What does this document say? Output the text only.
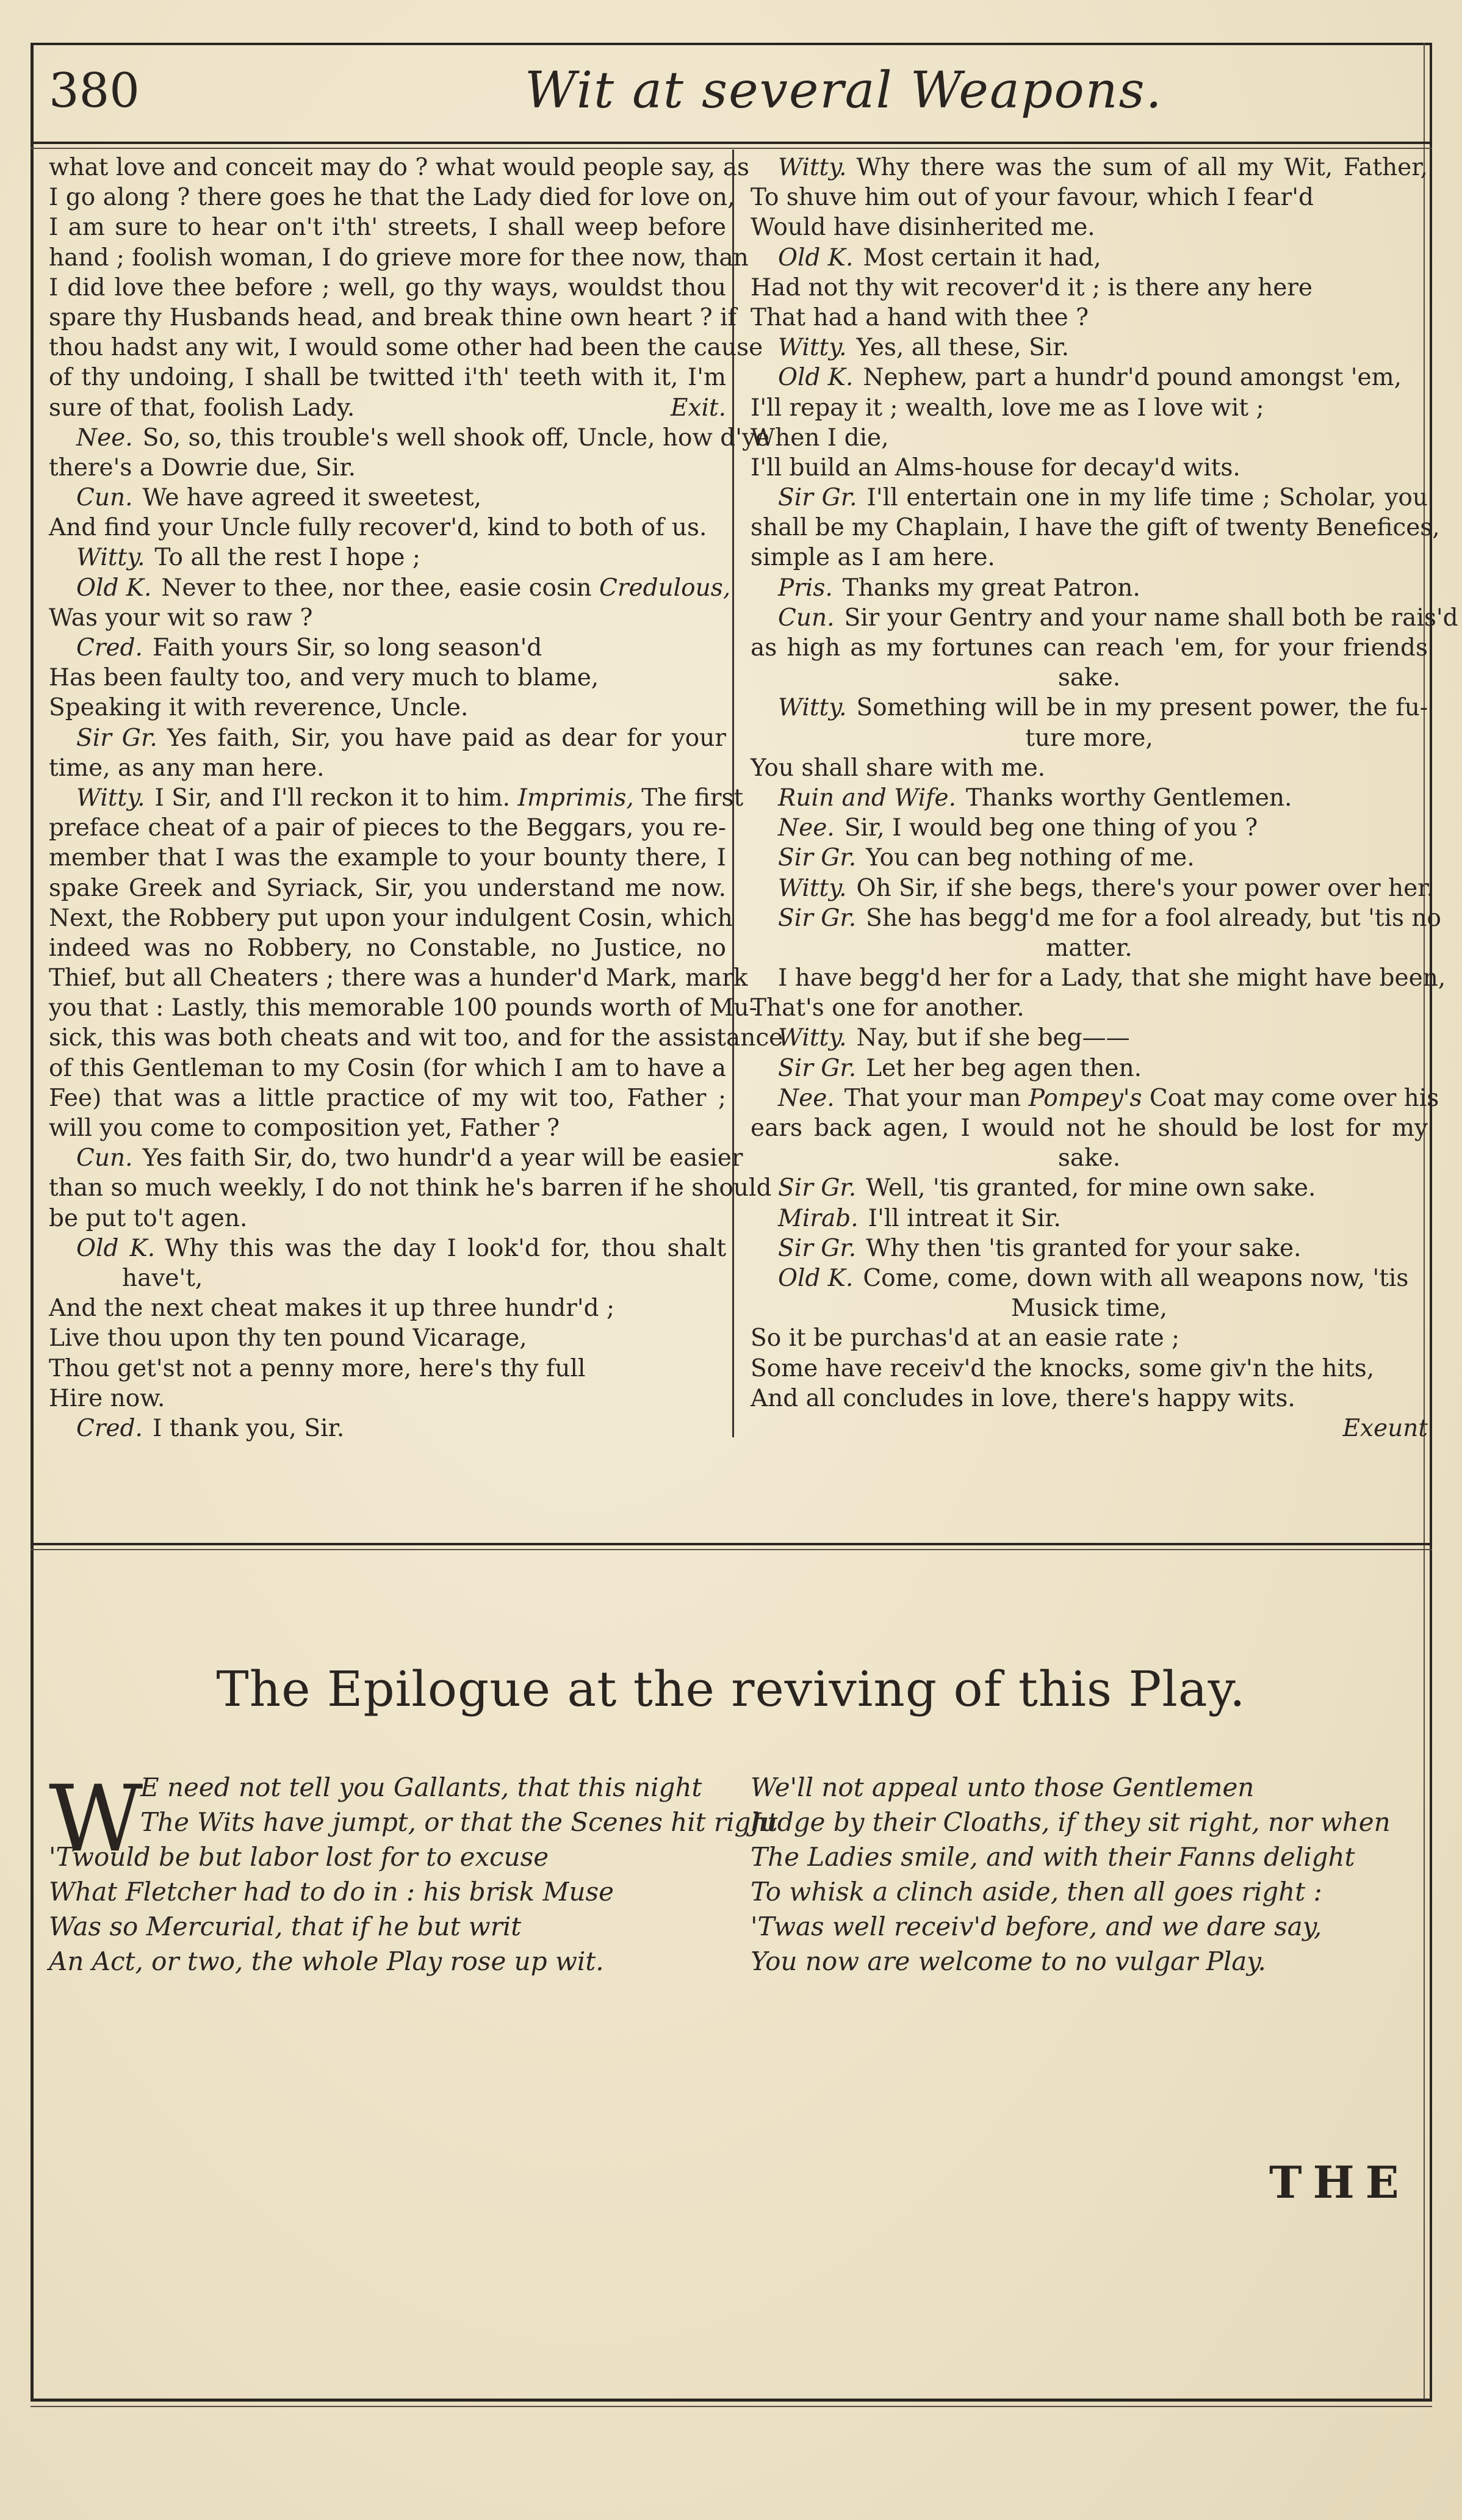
380	Wit at several Weapons.
what love and conceit may do ? what would people say, as
I go along ? there goes he that the Lady died for love on,
I am sure to hear on't i'th' streets, I shall weep before
hand ; foolish woman, I do grieve more for thee now, than
I did love thee before ; well, go thy ways, wouldst thou
spare thy Husbands head, and break thine own heart ? if
thou hadst any wit, I would some other had been the cause
of thy undoing, I shall be twitted i'th' teeth with it, I'm
sure of that, foolish Lady.	Exit.
Nee. So, so, this trouble's well shook off, Uncle, how d'ye
there's a Dowrie due, Sir.
Cun. We have agreed it sweetest,
And find your Uncle fully recover'd, kind to both of us.
Witty. To all the rest I hope ;
Old K. Never to thee, nor thee, easie cosin Credulous,
Was your wit so raw ?
Cred. Faith yours Sir, so long season'd
Has been faulty too, and very much to blame,
Speaking it with reverence, Uncle.
Sir Gr. Yes faith, Sir, you have paid as dear for your
time, as any man here.
Witty. I Sir, and I'll reckon it to him. Imprimis, The first
preface cheat of a pair of pieces to the Beggars, you re-
member that I was the example to your bounty there, I
spake Greek and Syriack, Sir, you understand me now.
Next, the Robbery put upon your indulgent Cosin, which
indeed was no Robbery, no Constable, no Justice, no
Thief, but all Cheaters ; there was a hunder'd Mark, mark
you that : Lastly, this memorable 100 pounds worth of Mu-
sick, this was both cheats and wit too, and for the assistance
of this Gentleman to my Cosin (for which I am to have a
Fee) that was a little practice of my wit too, Father ;
will you come to composition yet, Father ?
Cun. Yes faith Sir, do, two hundr'd a year will be easier
than so much weekly, I do not think he's barren if he should
be put to't agen.
Old K. Why this was the day I look'd for, thou shalt
have't,
And the next cheat makes it up three hundr'd ;
Live thou upon thy ten pound Vicarage,
Thou get'st not a penny more, here's thy full
Hire now.
Cred. I thank you, Sir.
Witty. Why there was the sum of all my Wit, Father,
To shuve him out of your favour, which I fear'd
Would have disinherited me.
Old K. Most certain it had,
Had not thy wit recover'd it ; is there any here
That had a hand with thee ?
Witty. Yes, all these, Sir.
Old K. Nephew, part a hundr'd pound amongst 'em,
I'll repay it ; wealth, love me as I love wit ;
When I die,
I'll build an Alms-house for decay'd wits.
Sir Gr. I'll entertain one in my life time ; Scholar, you
shall be my Chaplain, I have the gift of twenty Benefices,
simple as I am here.
Pris. Thanks my great Patron.
Cun. Sir your Gentry and your name shall both be rais'd
as high as my fortunes can reach 'em, for your friends
sake.
Witty. Something will be in my present power, the fu-
ture more,
You shall share with me.
Ruin and Wife. Thanks worthy Gentlemen.
Nee. Sir, I would beg one thing of you ?
Sir Gr. You can beg nothing of me.
Witty. Oh Sir, if she begs, there's your power over her.
Sir Gr. She has begg'd me for a fool already, but 'tis no
matter.
I have begg'd her for a Lady, that she might have been,
That's one for another.
Witty. Nay, but if she beg——
Sir Gr. Let her beg agen then.
Nee. That your man Pompey's Coat may come over his
ears back agen, I would not he should be lost for my
sake.
Sir Gr. Well, 'tis granted, for mine own sake.
Mirab. I'll intreat it Sir.
Sir Gr. Why then 'tis granted for your sake.
Old K. Come, come, down with all weapons now, 'tis
Musick time,
So it be purchas'd at an easie rate ;
Some have receiv'd the knocks, some giv'n the hits,
And all concludes in love, there's happy wits.
Exeunt
The Epilogue at the reviving of this Play.
W
E need not tell you Gallants, that this night
The Wits have jumpt, or that the Scenes hit right
'Twould be but labor lost for to excuse
What Fletcher had to do in : his brisk Muse
Was so Mercurial, that if he but writ
An Act, or two, the whole Play rose up wit.
We'll not appeal unto those Gentlemen
Judge by their Cloaths, if they sit right, nor when
The Ladies smile, and with their Fanns delight
To whisk a clinch aside, then all goes right :
'Twas well receiv'd before, and we dare say,
You now are welcome to no vulgar Play.
THE
